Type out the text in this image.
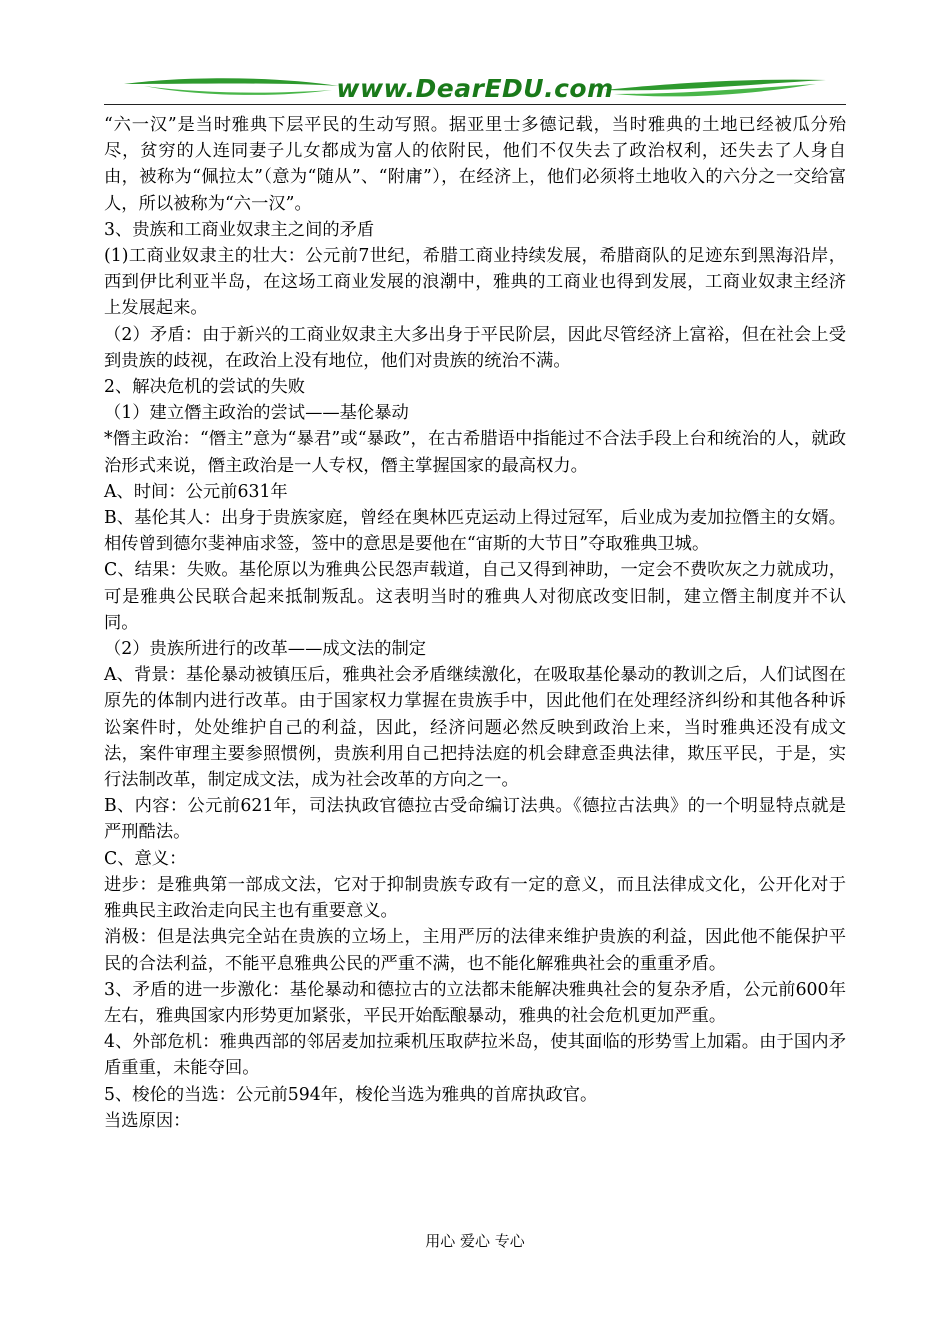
www.DearEDU.com

“六一汉”是当时雅典下层平民的生动写照。据亚里士多德记载，当时雅典的土地已经被瓜分殆尽，贫穷的人连同妻子儿女都成为富人的依附民，他们不仅失去了政治权利，还失去了人身自由，被称为“佩拉太”（意为“随从”、“附庸”），在经济上，他们必须将土地收入的六分之一交给富人，所以被称为“六一汉”。

3、贵族和工商业奴隶主之间的矛盾

(1)工商业奴隶主的壮大：公元前7世纪，希腊工商业持续发展，希腊商队的足迹东到黑海沿岸，西到伊比利亚半岛，在这场工商业发展的浪潮中，雅典的工商业也得到发展，工商业奴隶主经济上发展起来。

（2）矛盾：由于新兴的工商业奴隶主大多出身于平民阶层，因此尽管经济上富裕，但在社会上受到贵族的歧视，在政治上没有地位，他们对贵族的统治不满。

2、解决危机的尝试的失败

（1）建立僭主政治的尝试——基伦暴动

*僭主政治：“僭主”意为“暴君”或“暴政”，在古希腊语中指能过不合法手段上台和统治的人，就政治形式来说，僭主政治是一人专权，僭主掌握国家的最高权力。

A、时间：公元前631年

B、基伦其人：出身于贵族家庭，曾经在奥林匹克运动上得过冠军，后业成为麦加拉僭主的女婿。相传曾到德尔斐神庙求签，签中的意思是要他在“宙斯的大节日”夺取雅典卫城。

C、结果：失败。基伦原以为雅典公民怨声载道，自己又得到神助，一定会不费吹灰之力就成功，可是雅典公民联合起来抵制叛乱。这表明当时的雅典人对彻底改变旧制，建立僭主制度并不认同。

（2）贵族所进行的改革——成文法的制定

A、背景：基伦暴动被镇压后，雅典社会矛盾继续激化，在吸取基伦暴动的教训之后，人们试图在原先的体制内进行改革。由于国家权力掌握在贵族手中，因此他们在处理经济纠纷和其他各种诉讼案件时，处处维护自己的利益，因此，经济问题必然反映到政治上来，当时雅典还没有成文法，案件审理主要参照惯例，贵族利用自己把持法庭的机会肆意歪典法律，欺压平民，于是，实行法制改革，制定成文法，成为社会改革的方向之一。

B、内容：公元前621年，司法执政官德拉古受命编订法典。《德拉古法典》的一个明显特点就是严刑酷法。

C、意义：

进步：是雅典第一部成文法，它对于抑制贵族专政有一定的意义，而且法律成文化，公开化对于雅典民主政治走向民主也有重要意义。

消极：但是法典完全站在贵族的立场上，主用严厉的法律来维护贵族的利益，因此他不能保护平民的合法利益，不能平息雅典公民的严重不满，也不能化解雅典社会的重重矛盾。

3、矛盾的进一步激化：基伦暴动和德拉古的立法都未能解决雅典社会的复杂矛盾，公元前600年左右，雅典国家内形势更加紧张，平民开始酝酿暴动，雅典的社会危机更加严重。

4、外部危机：雅典西部的邻居麦加拉乘机压取萨拉米岛，使其面临的形势雪上加霜。由于国内矛盾重重，未能夺回。

5、梭伦的当选：公元前594年，梭伦当选为雅典的首席执政官。

当选原因：

用心 爱心 专心
